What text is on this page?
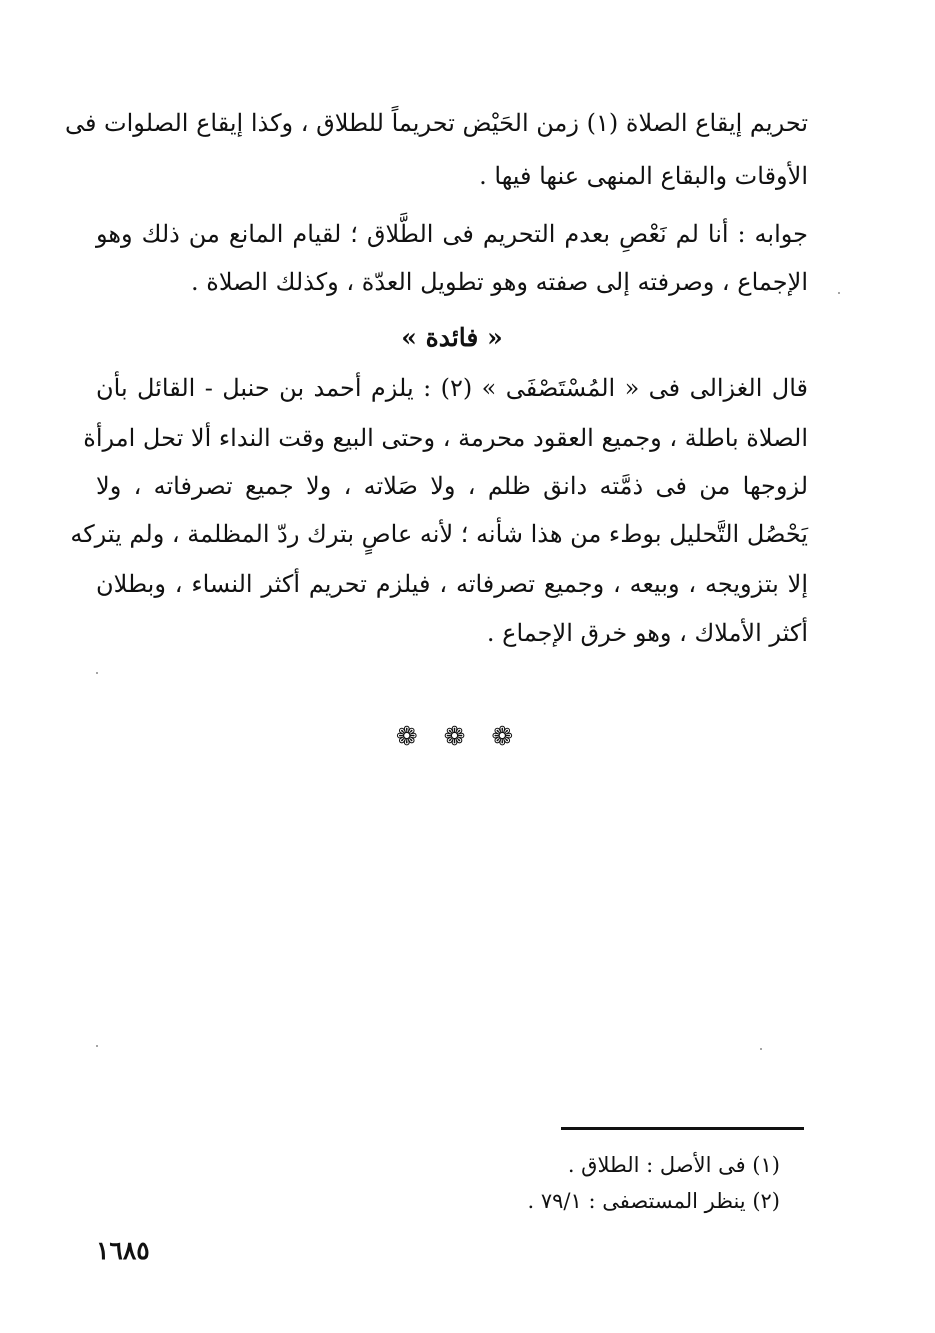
تحريم إيقاع الصلاة (١) زمن الحَيْض تحريماً للطلاق ، وكذا إيقاع الصلوات فى
الأوقات والبقاع المنهى عنها فيها .
جوابه : أنا لم نَعْصِ بعدم التحريم فى الطَّلاق ؛ لقيام المانع من ذلك وهو
الإجماع ، وصرفته إلى صفته وهو تطويل العدّة ، وكذلك الصلاة .
« فائدة »
قال الغزالى فى « المُسْتَصْفَى » (٢) : يلزم أحمد بن حنبل - القائل بأن
الصلاة باطلة ، وجميع العقود محرمة ، وحتى البيع وقت النداء ألا تحل امرأة
لزوجها من فى ذمَّته دانق ظلم ، ولا صَلاته ، ولا جميع تصرفاته ، ولا
يَحْصُل التَّحليل بوطء من هذا شأنه ؛ لأنه عاصٍ بترك ردّ المظلمة ، ولم يتركه
إلا بتزويجه ، وبيعه ، وجميع تصرفاته ، فيلزم تحريم أكثر النساء ، وبطلان
أكثر الأملاك ، وهو خرق الإجماع .
❁❁❁
(١) فى الأصل : الطلاق .
(٢) ينظر المستصفى : ٧٩/١ .
١٦٨٥
